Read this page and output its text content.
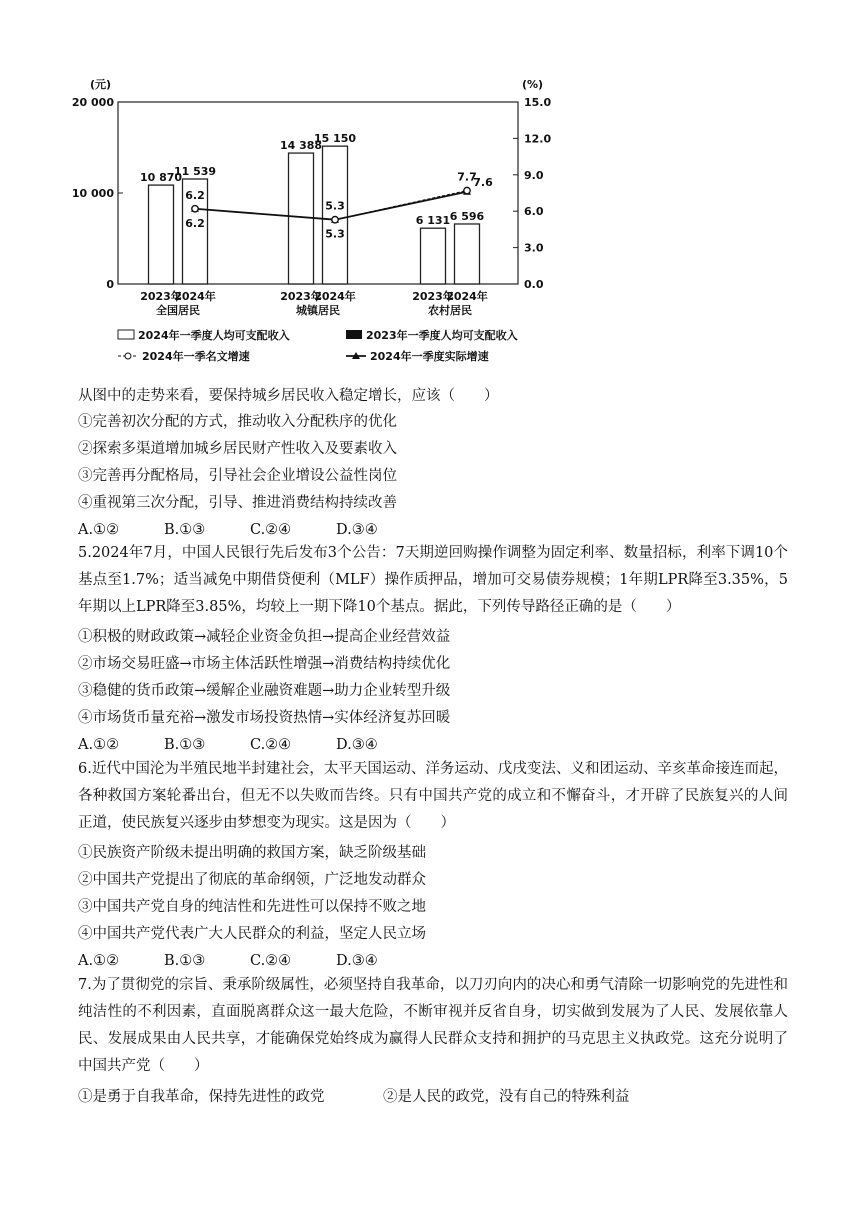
(元)	(%)
20 000
10 000
0
15.0
12.0
9.0
6.0
3.0
0.0
10 870
2023年
11 539
2024年
全国居民
6.2
6.2
14 388
2023年
15 150
2024年
城镇居民
5.3
5.3
6 131
2023年
6 596
2024年
农村居民
7.7
7.6
2024年一季度人均可支配收入	2023年一季度人均可支配收入
2024年一季名文增速	2024年一季度实际增速
从图中的走势来看，要保持城乡居民收入稳定增长，应该（　　）
①完善初次分配的方式，推动收入分配秩序的优化
②探索多渠道增加城乡居民财产性收入及要素收入
③完善再分配格局，引导社会企业增设公益性岗位
④重视第三次分配，引导、推进消费结构持续改善
A.①②	B.①③	C.②④	D.③④
5.2024年7月，中国人民银行先后发布3个公告：7天期逆回购操作调整为固定利率、数量招标，利率下调10个基点至1.7%；适当减免中期借贷便利（MLF）操作质押品，增加可交易债券规模；1年期LPR降至3.35%，5年期以上LPR降至3.85%，均较上一期下降10个基点。据此，下列传导路径正确的是（　　）
①积极的财政政策→减轻企业资金负担→提高企业经营效益
②市场交易旺盛→市场主体活跃性增强→消费结构持续优化
③稳健的货币政策→缓解企业融资难题→助力企业转型升级
④市场货币量充裕→激发市场投资热情→实体经济复苏回暖
A.①②	B.①③	C.②④	D.③④
6.近代中国沦为半殖民地半封建社会，太平天国运动、洋务运动、戊戌变法、义和团运动、辛亥革命接连而起，各种救国方案轮番出台，但无不以失败而告终。只有中国共产党的成立和不懈奋斗，才开辟了民族复兴的人间正道，使民族复兴逐步由梦想变为现实。这是因为（　　）
①民族资产阶级未提出明确的救国方案，缺乏阶级基础
②中国共产党提出了彻底的革命纲领，广泛地发动群众
③中国共产党自身的纯洁性和先进性可以保持不败之地
④中国共产党代表广大人民群众的利益，坚定人民立场
A.①②	B.①③	C.②④	D.③④
7.为了贯彻党的宗旨、秉承阶级属性，必须坚持自我革命，以刀刃向内的决心和勇气清除一切影响党的先进性和纯洁性的不利因素，直面脱离群众这一最大危险，不断审视并反省自身，切实做到发展为了人民、发展依靠人民、发展成果由人民共享，才能确保党始终成为赢得人民群众支持和拥护的马克思主义执政党。这充分说明了中国共产党（　　）
①是勇于自我革命，保持先进性的政党	②是人民的政党，没有自己的特殊利益
